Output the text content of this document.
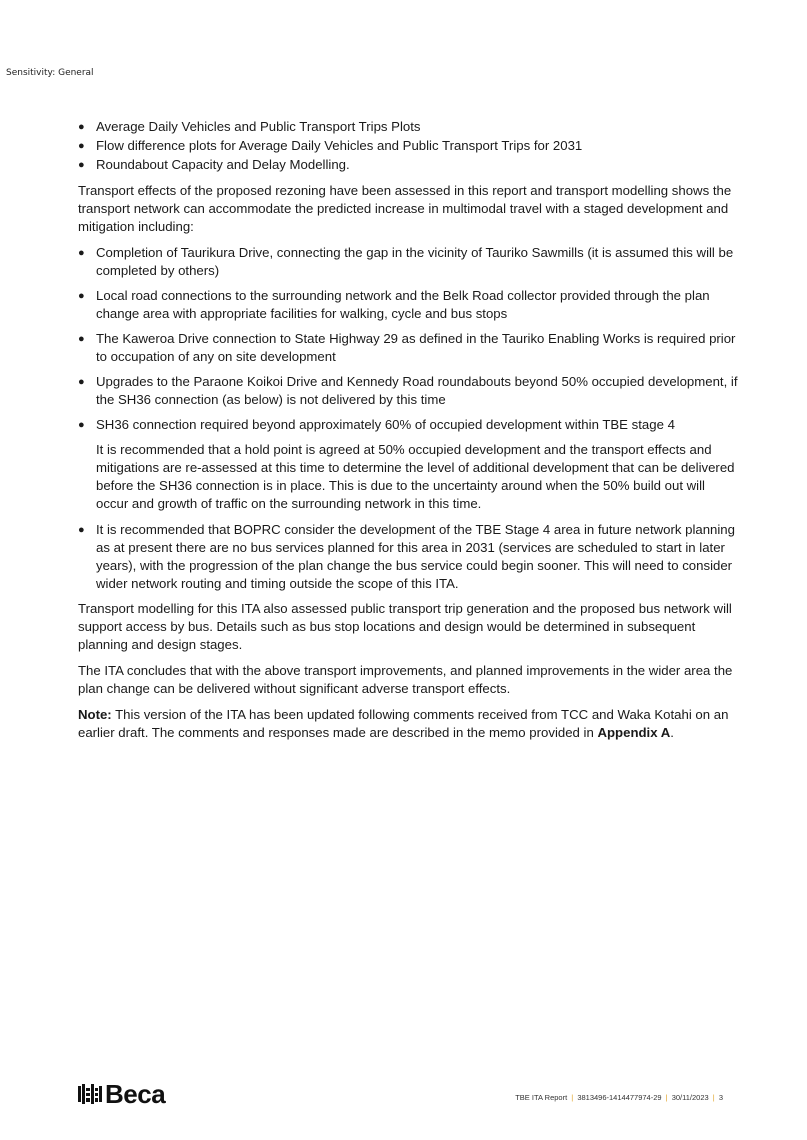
Sensitivity: General
● Average Daily Vehicles and Public Transport Trips Plots
● Flow difference plots for Average Daily Vehicles and Public Transport Trips for 2031
● Roundabout Capacity and Delay Modelling.

Transport effects of the proposed rezoning have been assessed in this report and transport modelling shows the transport network can accommodate the predicted increase in multimodal travel with a staged development and mitigation including:

● Completion of Taurikura Drive, connecting the gap in the vicinity of Tauriko Sawmills (it is assumed this will be completed by others)
● Local road connections to the surrounding network and the Belk Road collector provided through the plan change area with appropriate facilities for walking, cycle and bus stops
● The Kaweroa Drive connection to State Highway 29 as defined in the Tauriko Enabling Works is required prior to occupation of any on site development
● Upgrades to the Paraone Koikoi Drive and Kennedy Road roundabouts beyond 50% occupied development, if the SH36 connection (as below) is not delivered by this time
● SH36 connection required beyond approximately 60% of occupied development within TBE stage 4

It is recommended that a hold point is agreed at 50% occupied development and the transport effects and mitigations are re-assessed at this time to determine the level of additional development that can be delivered before the SH36 connection is in place. This is due to the uncertainty around when the 50% build out will occur and growth of traffic on the surrounding network in this time.

● It is recommended that BOPRC consider the development of the TBE Stage 4 area in future network planning as at present there are no bus services planned for this area in 2031 (services are scheduled to start in later years), with the progression of the plan change the bus service could begin sooner. This will need to consider wider network routing and timing outside the scope of this ITA.

Transport modelling for this ITA also assessed public transport trip generation and the proposed bus network will support access by bus. Details such as bus stop locations and design would be determined in subsequent planning and design stages.

The ITA concludes that with the above transport improvements, and planned improvements in the wider area the plan change can be delivered without significant adverse transport effects.

Note: This version of the ITA has been updated following comments received from TCC and Waka Kotahi on an earlier draft. The comments and responses made are described in the memo provided in Appendix A.

Beca	TBE ITA Report | 3813496-1414477974-29 | 30/11/2023 | 3
